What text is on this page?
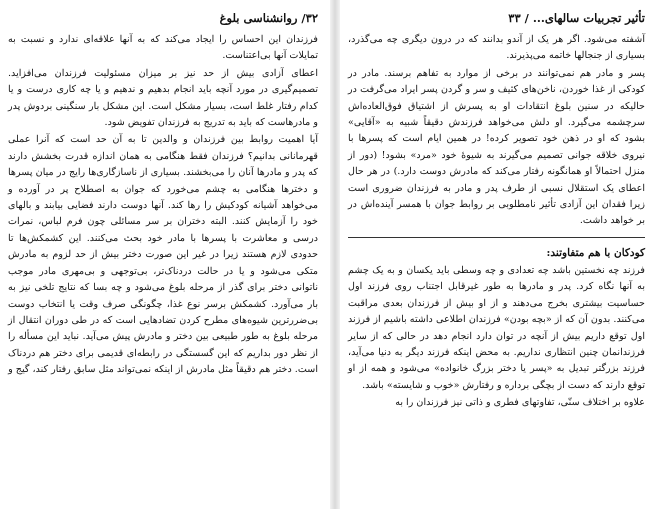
۳۲/ روانشناسی بلوغ

فرزندان این احساس را ایجاد می‌کند که به آنها علاقه‌ای ندارد و نسبت به تمایلات آنها بی‌اعتناست.

اعطای آزادی بیش از حد نیز بر میزان مسئولیت فرزندان می‌افزاید. تصمیم‌گیری در مورد آنچه باید انجام بدهیم و ندهیم و یا چه کاری درست و یا کدام رفتار غلط است، بسیار مشکل است. این مشکل بار سنگینی بردوش پدر و مادرهاست که باید به تدریج به فرزندان تفویض شود.

آیا اهمیت روابط بین فرزندان و والدین تا به آن حد است که آنرا عملی قهرمانانی بدانیم؟ فرزندان فقط هنگامی به همان اندازه قدرت بخشش دارند که پدر و مادرها آنان را می‌بخشند. بسیاری از ناسازگاری‌ها رایج در میان پسرها و دخترها هنگامی به چشم می‌خورد که جوان به اصطلاح پر در آورده و می‌خواهد آشیانه کودکیش را رها کند. آنها دوست دارند فضایی بیابند و بالهای خود را آزمایش کنند. البته دختران بر سر مسائلی چون فرم لباس، نمرات درسی و معاشرت با پسرها با مادر خود بحث می‌کنند. این کشمکش‌ها تا حدودی لازم هستند زیرا در غیر این صورت دختر بیش از حد لزوم به مادرش متکی می‌شود و یا در حالت دردناک‌تر، بی‌توجهی و بی‌مهری مادر موجب ناتوانی دختر برای گذر از مرحله بلوغ می‌شود و چه بسا که نتایج تلخی نیز به بار می‌آورد. کشمکش برسر نوع غذا، چگونگی صرف وقت یا انتخاب دوست بی‌ضررترین شیوه‌های مطرح کردن تضادهایی است که در طی دوران انتقال از مرحله بلوغ به طور طبیعی بین دختر و مادرش پیش می‌آید. نباید این مسأله را از نظر دور بداریم که این گسستگی در رابطه‌ای قدیمی برای دختر هم دردناک است. دختر هم دقیقاً مثل مادرش از اینکه نمی‌تواند مثل سابق رفتار کند، گیج و

تأثیر تجربیات سالهای... / ۳۳

آشفته می‌شود. اگر هر یک از آندو بدانند که در درون دیگری چه می‌گذرد، بسیاری از جنجالها خاتمه می‌پذیرند.

پسر و مادر هم نمی‌توانند در برخی از موارد به تفاهم برسند. مادر در کودکی از غذا خوردن، ناخن‌های کثیف و سر و گردن پسر ایراد می‌گرفت در حالیکه در سنین بلوغ انتقادات او به پسرش از اشتیاق فوق‌العاده‌اش سرچشمه می‌گیرد. او دلش می‌خواهد فرزندش دقیقاً شبیه به «آقایی» بشود که او در ذهن خود تصویر کرده! در همین ایام است که پسرها با نیروی خلاقه جوانی تصمیم می‌گیرند به شیوهٔ خود «مرد» بشود! (دور از منزل احتمالاً او همانگونه رفتار می‌کند که مادرش دوست دارد.) در هر حال اعطای یک استقلال نسبی از طرف پدر و مادر به فرزندان ضروری است زیرا فقدان این آزادی تأثیر نامطلوبی بر روابط جوان با همسر آینده‌اش در بر خواهد داشت.

کودکان با هم متفاوتند:

فرزند چه نخستین باشد چه تعدادی و چه وسطی باید یکسان و به یک چشم به آنها نگاه کرد. پدر و مادرها به طور غیرقابل اجتناب روی فرزند اول حساسیت بیشتری بخرج می‌دهند و از او بیش از فرزندان بعدی مراقبت می‌کنند. بدون آن که از «بچه بودن» فرزندان اطلاعی داشته باشیم از فرزند اول توقع داریم بیش از آنچه در توان دارد انجام دهد در حالی که از سایر فرزندانمان چنین انتظاری نداریم. به محض اینکه فرزند دیگر به دنیا می‌آید، فرزند بزرگتر تبدیل به «پسر یا دختر بزرگ خانواده» می‌شود و همه از او توقع دارند که دست از بچگی برداره و رفتارش «خوب و شایسته» باشد.

علاوه بر اختلاف سنّی، تفاوتهای فطری و ذاتی نیز فرزندان را به
